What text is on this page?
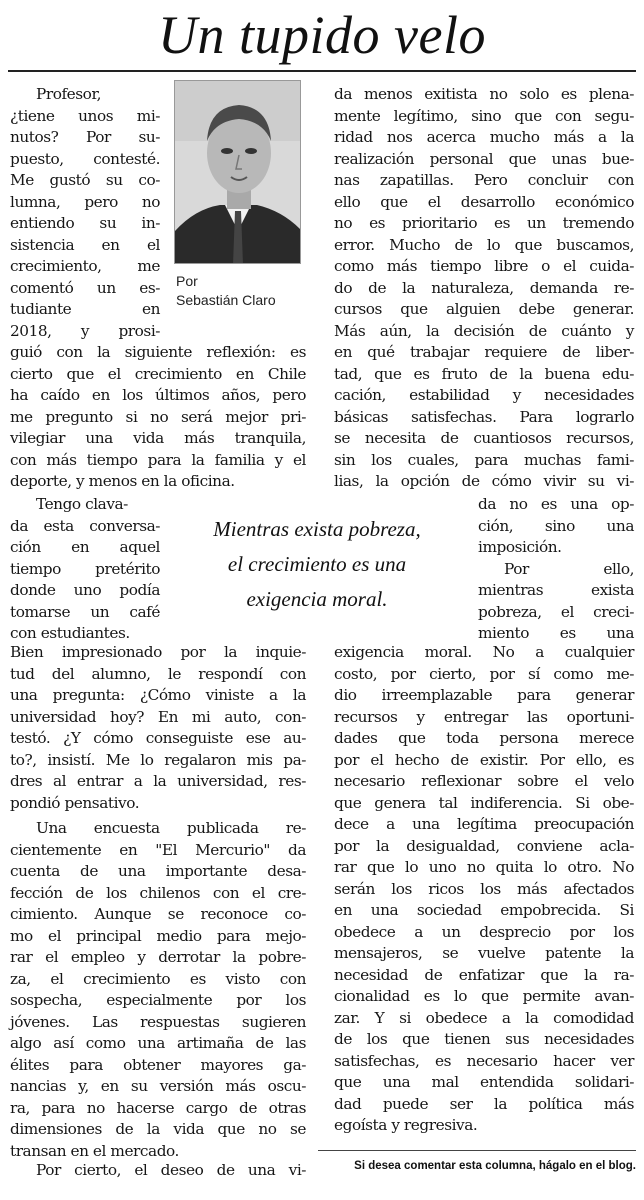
Un tupido velo
Por
Sebastián Claro
Profesor,
¿tiene unos mi-
nutos? Por su-
puesto, contesté.
Me gustó su co-
lumna, pero no
entiendo su in-
sistencia en el
crecimiento, me
comentó un es-
tudiante en
2018, y prosi-
guió con la siguiente reflexión: es
cierto que el crecimiento en Chile
ha caído en los últimos años, pero
me pregunto si no será mejor pri-
vilegiar una vida más tranquila,
con más tiempo para la familia y el
deporte, y menos en la oficina.
Tengo clava-
da esta conversa-
ción en aquel
tiempo pretérito
donde uno podía
tomarse un café
con estudiantes.
Bien impresionado por la inquie-
tud del alumno, le respondí con
una pregunta: ¿Cómo viniste a la
universidad hoy? En mi auto, con-
testó. ¿Y cómo conseguiste ese au-
to?, insistí. Me lo regalaron mis pa-
dres al entrar a la universidad, res-
pondió pensativo.
Una encuesta publicada re-
cientemente en "El Mercurio" da
cuenta de una importante desa-
fección de los chilenos con el cre-
cimiento. Aunque se reconoce co-
mo el principal medio para mejo-
rar el empleo y derrotar la pobre-
za, el crecimiento es visto con
sospecha, especialmente por los
jóvenes. Las respuestas sugieren
algo así como una artimaña de las
élites para obtener mayores ga-
nancias y, en su versión más oscu-
ra, para no hacerse cargo de otras
dimensiones de la vida que no se
transan en el mercado.
Por cierto, el deseo de una vi-
da menos exitista no solo es plena-
mente legítimo, sino que con segu-
ridad nos acerca mucho más a la
realización personal que unas bue-
nas zapatillas. Pero concluir con
ello que el desarrollo económico
no es prioritario es un tremendo
error. Mucho de lo que buscamos,
como más tiempo libre o el cuida-
do de la naturaleza, demanda re-
cursos que alguien debe generar.
Más aún, la decisión de cuánto y
en qué trabajar requiere de liber-
tad, que es fruto de la buena edu-
cación, estabilidad y necesidades
básicas satisfechas. Para lograrlo
se necesita de cuantiosos recursos,
sin los cuales, para muchas fami-
lias, la opción de cómo vivir su vi-
da no es una op-
ción, sino una
imposición.
Por ello,
mientras exista
pobreza, el creci-
miento es una
exigencia moral. No a cualquier
costo, por cierto, por sí como me-
dio irreemplazable para generar
recursos y entregar las oportuni-
dades que toda persona merece
por el hecho de existir. Por ello, es
necesario reflexionar sobre el velo
que genera tal indiferencia. Si obe-
dece a una legítima preocupación
por la desigualdad, conviene acla-
rar que lo uno no quita lo otro. No
serán los ricos los más afectados
en una sociedad empobrecida. Si
obedece a un desprecio por los
mensajeros, se vuelve patente la
necesidad de enfatizar que la ra-
cionalidad es lo que permite avan-
zar. Y si obedece a la comodidad
de los que tienen sus necesidades
satisfechas, es necesario hacer ver
que una mal entendida solidari-
dad puede ser la política más
egoísta y regresiva.
Mientras exista pobreza,
el crecimiento es una
exigencia moral.
Si desea comentar esta columna, hágalo en el blog.
